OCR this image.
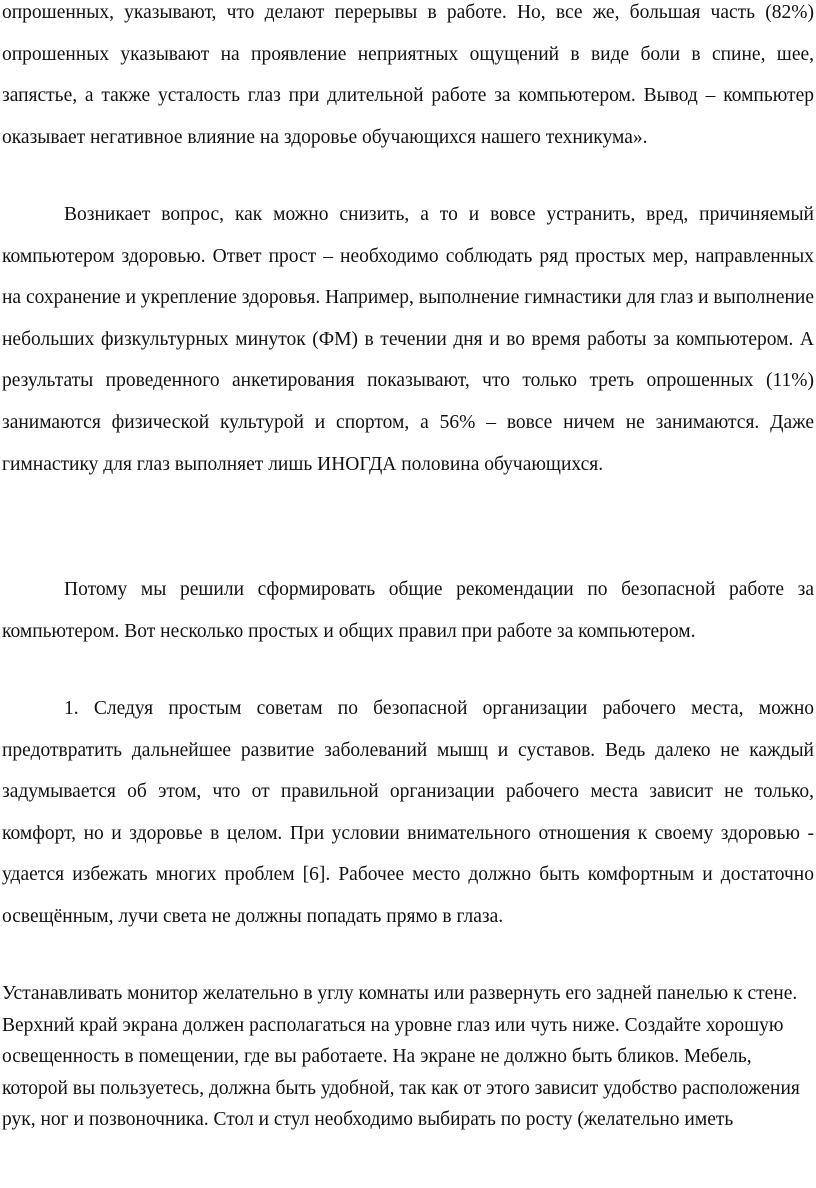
опрошенных, указывают, что делают перерывы в работе. Но, все же, большая часть (82%) опрошенных указывают на проявление неприятных ощущений в виде боли в спине, шее, запястье, а также усталость глаз при длительной работе за компьютером. Вывод – компьютер оказывает негативное влияние на здоровье обучающихся нашего техникума».

Возникает вопрос, как можно снизить, а то и вовсе устранить, вред, причиняемый компьютером здоровью. Ответ прост – необходимо соблюдать ряд простых мер, направленных на сохранение и укрепление здоровья. Например, выполнение гимнастики для глаз и выполнение небольших физкультурных минуток (ФМ) в течении дня и во время работы за компьютером. А результаты проведенного анкетирования показывают, что только треть опрошенных (11%) занимаются физической культурой и спортом, а 56% – вовсе ничем не занимаются. Даже гимнастику для глаз выполняет лишь ИНОГДА половина обучающихся.

Потому мы решили сформировать общие рекомендации по безопасной работе за компьютером. Вот несколько простых и общих правил при работе за компьютером.

1. Следуя простым советам по безопасной организации рабочего места, можно предотвратить дальнейшее развитие заболеваний мышц и суставов. Ведь далеко не каждый задумывается об этом, что от правильной организации рабочего места зависит не только, комфорт, но и здоровье в целом. При условии внимательного отношения к своему здоровью - удается избежать многих проблем [6]. Рабочее место должно быть комфортным и достаточно освещённым, лучи света не должны попадать прямо в глаза.

Устанавливать монитор желательно в углу комнаты или развернуть его задней панелью к стене. Верхний край экрана должен располагаться на уровне глаз или чуть ниже. Создайте хорошую освещенность в помещении, где вы работаете. На экране не должно быть бликов. Мебель, которой вы пользуетесь, должна быть удобной, так как от этого зависит удобство расположения рук, ног и позвоночника. Стол и стул необходимо выбирать по росту (желательно иметь
